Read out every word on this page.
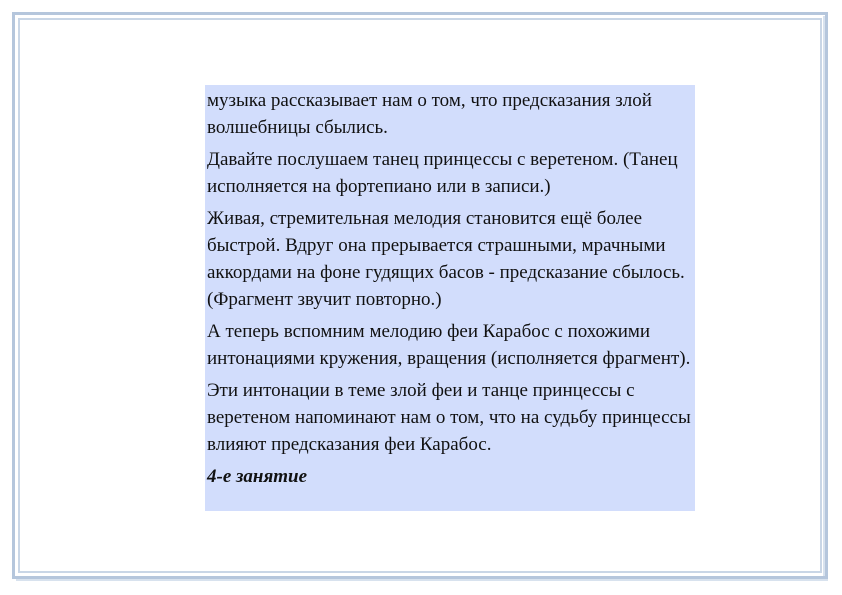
музыка рассказывает нам о том, что предсказания злой волшебницы сбылись.

Давайте послушаем танец принцессы с веретеном. (Танец исполняется на фортепиано или в записи.)

Живая, стремительная мелодия становится ещё более быстрой. Вдруг она прерывается страшными, мрачными аккордами на фоне гудящих басов - предсказание сбылось. (Фрагмент звучит повторно.)

А теперь вспомним мелодию феи Карабос с похожими интонациями кружения, вращения (исполняется фрагмент).

Эти интонации в теме злой феи и танце принцессы с веретеном напоминают нам о том, что на судьбу принцессы влияют предсказания феи Карабос.

4-е занятие
